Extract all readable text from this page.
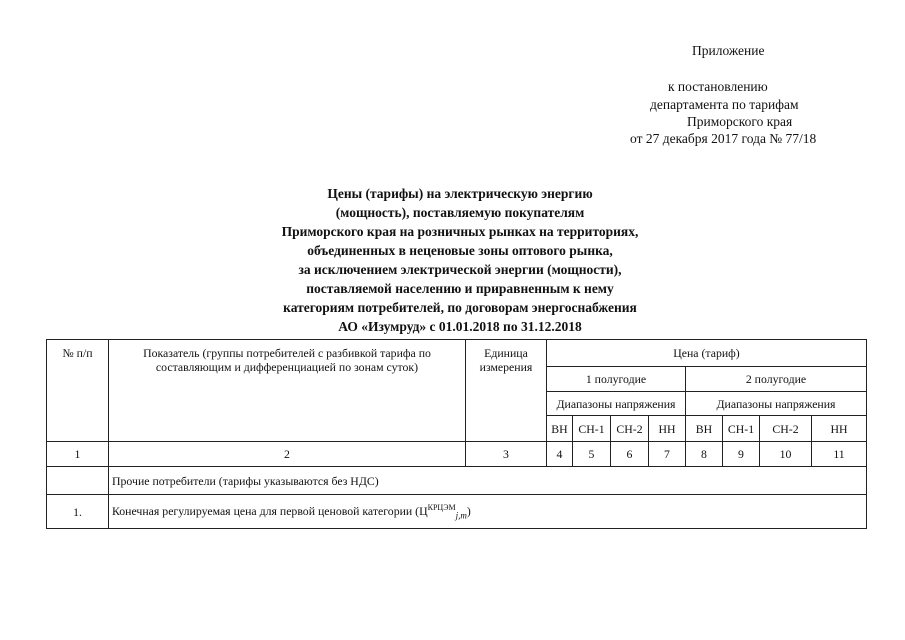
Приложение
к постановлению
департамента по тарифам
Приморского края
от 27 декабря 2017 года № 77/18
Цены (тарифы) на электрическую энергию
(мощность), поставляемую покупателям
Приморского края на розничных рынках на территориях,
объединенных в неценовые зоны оптового рынка,
за исключением электрической энергии (мощности),
поставляемой населению и приравненным к нему
категориям потребителей, по договорам энергоснабжения
АО «Изумруд» с 01.01.2018 по 31.12.2018
№ п/п	Показатель (группы потребителей с разбивкой тарифа по составляющим и дифференциацией по зонам суток)	Единица измерения	Цена (тариф)							
			1 полугодие				2 полугодие			
			Диапазоны напряжения				Диапазоны напряжения			
			ВН	СН-1	СН-2	НН	ВН	СН-1	СН-2	НН
1	2	3	4	5	6	7	8	9	10	11
	Прочие потребители (тарифы указываются без НДС)									
1.	Конечная регулируемая цена для первой ценовой категории $(Ц^{КРЦЭМ}_{j,m})$									
